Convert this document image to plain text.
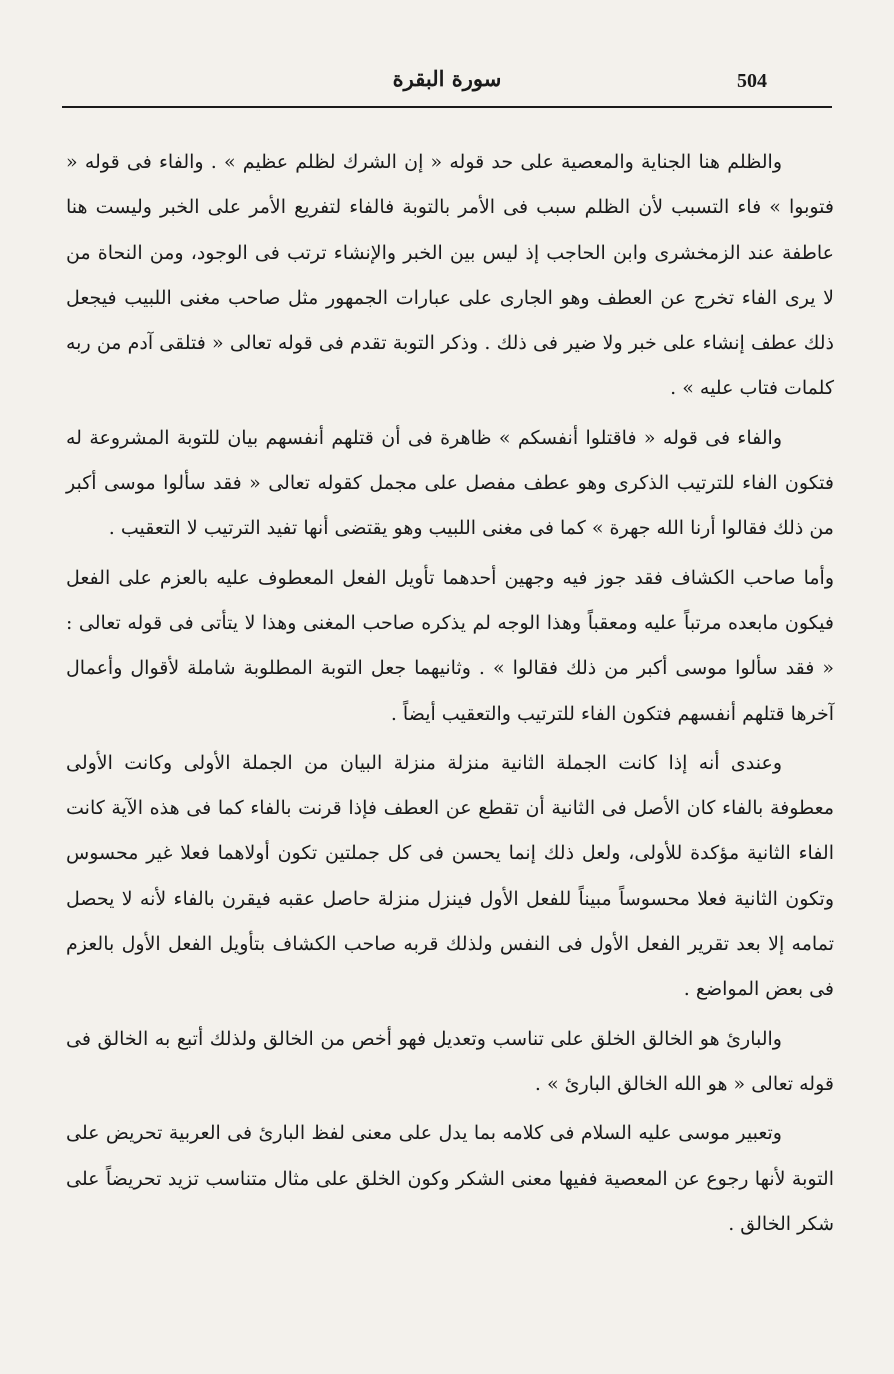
504
سورة البقرة

والظلم هنا الجناية والمعصية على حد قوله « إن الشرك لظلم عظيم » . والفاء فى قوله « فتوبوا » فاء التسبب لأن الظلم سبب فى الأمر بالتوبة فالفاء لتفريع الأمر على الخبر وليست هنا عاطفة عند الزمخشرى وابن الحاجب إذ ليس بين الخبر والإنشاء ترتب فى الوجود، ومن النحاة من لا يرى الفاء تخرج عن العطف وهو الجارى على عبارات الجمهور مثل صاحب مغنى اللبيب فيجعل ذلك عطف إنشاء على خبر ولا ضير فى ذلك . وذكر التوبة تقدم فى قوله تعالى « فتلقى آدم من ربه كلمات فتاب عليه » .

والفاء فى قوله « فاقتلوا أنفسكم » ظاهرة فى أن قتلهم أنفسهم بيان للتوبة المشروعة له فتكون الفاء للترتيب الذكرى وهو عطف مفصل على مجمل كقوله تعالى « فقد سألوا موسى أكبر من ذلك فقالوا أرنا الله جهرة » كما فى مغنى اللبيب وهو يقتضى أنها تفيد الترتيب لا التعقيب .

وأما صاحب الكشاف فقد جوز فيه وجهين أحدهما تأويل الفعل المعطوف عليه بالعزم على الفعل فيكون مابعده مرتباً عليه ومعقباً وهذا الوجه لم يذكره صاحب المغنى وهذا لا يتأتى فى قوله تعالى : « فقد سألوا موسى أكبر من ذلك فقالوا » . وثانيهما جعل التوبة المطلوبة شاملة لأقوال وأعمال آخرها قتلهم أنفسهم فتكون الفاء للترتيب والتعقيب أيضاً .

وعندى أنه إذا كانت الجملة الثانية منزلة منزلة البيان من الجملة الأولى وكانت الأولى معطوفة بالفاء كان الأصل فى الثانية أن تقطع عن العطف فإذا قرنت بالفاء كما فى هذه الآية كانت الفاء الثانية مؤكدة للأولى، ولعل ذلك إنما يحسن فى كل جملتين تكون أولاهما فعلا غير محسوس وتكون الثانية فعلا محسوساً مبيناً للفعل الأول فينزل منزلة حاصل عقبه فيقرن بالفاء لأنه لا يحصل تمامه إلا بعد تقرير الفعل الأول فى النفس ولذلك قربه صاحب الكشاف بتأويل الفعل الأول بالعزم فى بعض المواضع .

والبارئ هو الخالق الخلق على تناسب وتعديل فهو أخص من الخالق ولذلك أتبع به الخالق فى قوله تعالى « هو الله الخالق البارئ » .

وتعبير موسى عليه السلام فى كلامه بما يدل على معنى لفظ البارئ فى العربية تحريض على التوبة لأنها رجوع عن المعصية ففيها معنى الشكر وكون الخلق على مثال متناسب تزيد تحريضاً على شكر الخالق .
